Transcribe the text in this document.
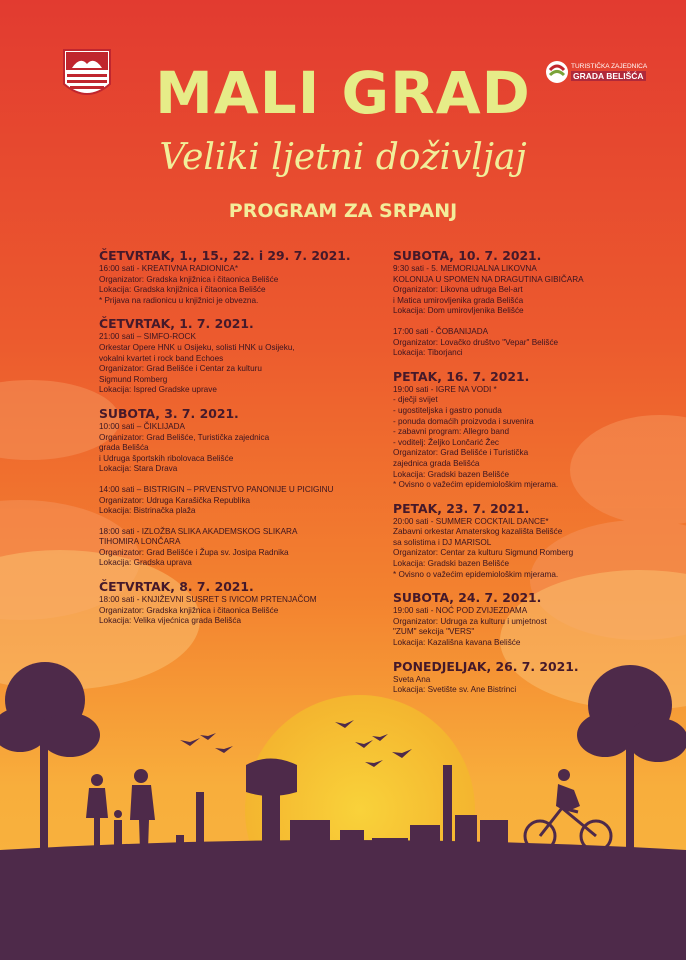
TURISTIČKA ZAJEDNICA
GRADA BELIŠĆA
MALI GRAD
Veliki ljetni doživljaj
PROGRAM ZA SRPANJ
ČETVRTAK, 1., 15., 22. i 29. 7. 2021.
16:00 sati - KREATIVNA RADIONICA*
Organizator: Gradska knjižnica i čitaonica Belišće
Lokacija: Gradska knjižnica i čitaonica Belišće
* Prijava na radionicu u knjižnici je obvezna.
ČETVRTAK, 1. 7. 2021.
21:00 sati – SIMFO-ROCK
Orkestar Opere HNK u Osijeku, solisti HNK u Osijeku,
vokalni kvartet i rock band Echoes
Organizator: Grad Belišće i Centar za kulturu
Sigmund Romberg
Lokacija: Ispred Gradske uprave
SUBOTA, 3. 7. 2021.
10:00 sati – ČIKLIJADA
Organizator: Grad Belišće, Turistička zajednica
grada Belišća
i Udruga športskih ribolovaca Belišće
Lokacija: Stara Drava
14:00 sati – BISTRIGIN – PRVENSTVO PANONIJE U PICIGINU
Organizator: Udruga Karašička Republika
Lokacija: Bistrinačka plaža
18:00 sati - IZLOŽBA SLIKA AKADEMSKOG SLIKARA
TIHOMIRA LONČARA
Organizator: Grad Belišće i Župa sv. Josipa Radnika
Lokacija: Gradska uprava
ČETVRTAK, 8. 7. 2021.
18:00 sati - KNJIŽEVNI SUSRET S IVICOM PRTENJAČOM
Organizator: Gradska knjižnica i čitaonica Belišće
Lokacija: Velika vijećnica grada Belišća
SUBOTA, 10. 7. 2021.
9:30 sati - 5. MEMORIJALNA LIKOVNA
KOLONIJA U SPOMEN NA DRAGUTINA GIBIČARA
Organizator: Likovna udruga Bel-art
i Matica umirovljenika grada Belišća
Lokacija: Dom umirovljenika Belišće
17:00 sati - ČOBANIJADA
Organizator: Lovačko društvo "Vepar" Belišće
Lokacija: Tiborjanci
PETAK, 16. 7. 2021.
19:00 sati - IGRE NA VODI *
- dječji svijet
- ugostiteljska i gastro ponuda
- ponuda domaćih proizvoda i suvenira
- zabavni program: Allegro band
- voditelj: Željko Lončarić Žec
Organizator: Grad Belišće i Turistička
zajednica grada Belišća
Lokacija: Gradski bazen Belišće
* Ovisno o važećim epidemiološkim mjerama.
PETAK, 23. 7. 2021.
20:00 sati - SUMMER COCKTAIL DANCE*
Zabavni orkestar Amaterskog kazališta Belišće
sa solistima i DJ MARISOL
Organizator: Centar za kulturu Sigmund Romberg
Lokacija: Gradski bazen Belišće
* Ovisno o važećim epidemiološkim mjerama.
SUBOTA, 24. 7. 2021.
19:00 sati - NOĆ POD ZVIJEZDAMA
Organizator: Udruga za kulturu i umjetnost
"ZUM" sekcija "VERS"
Lokacija: Kazališna kavana Belišće
PONEDJELJAK, 26. 7. 2021.
Sveta Ana
Lokacija: Svetište sv. Ane Bistrinci
